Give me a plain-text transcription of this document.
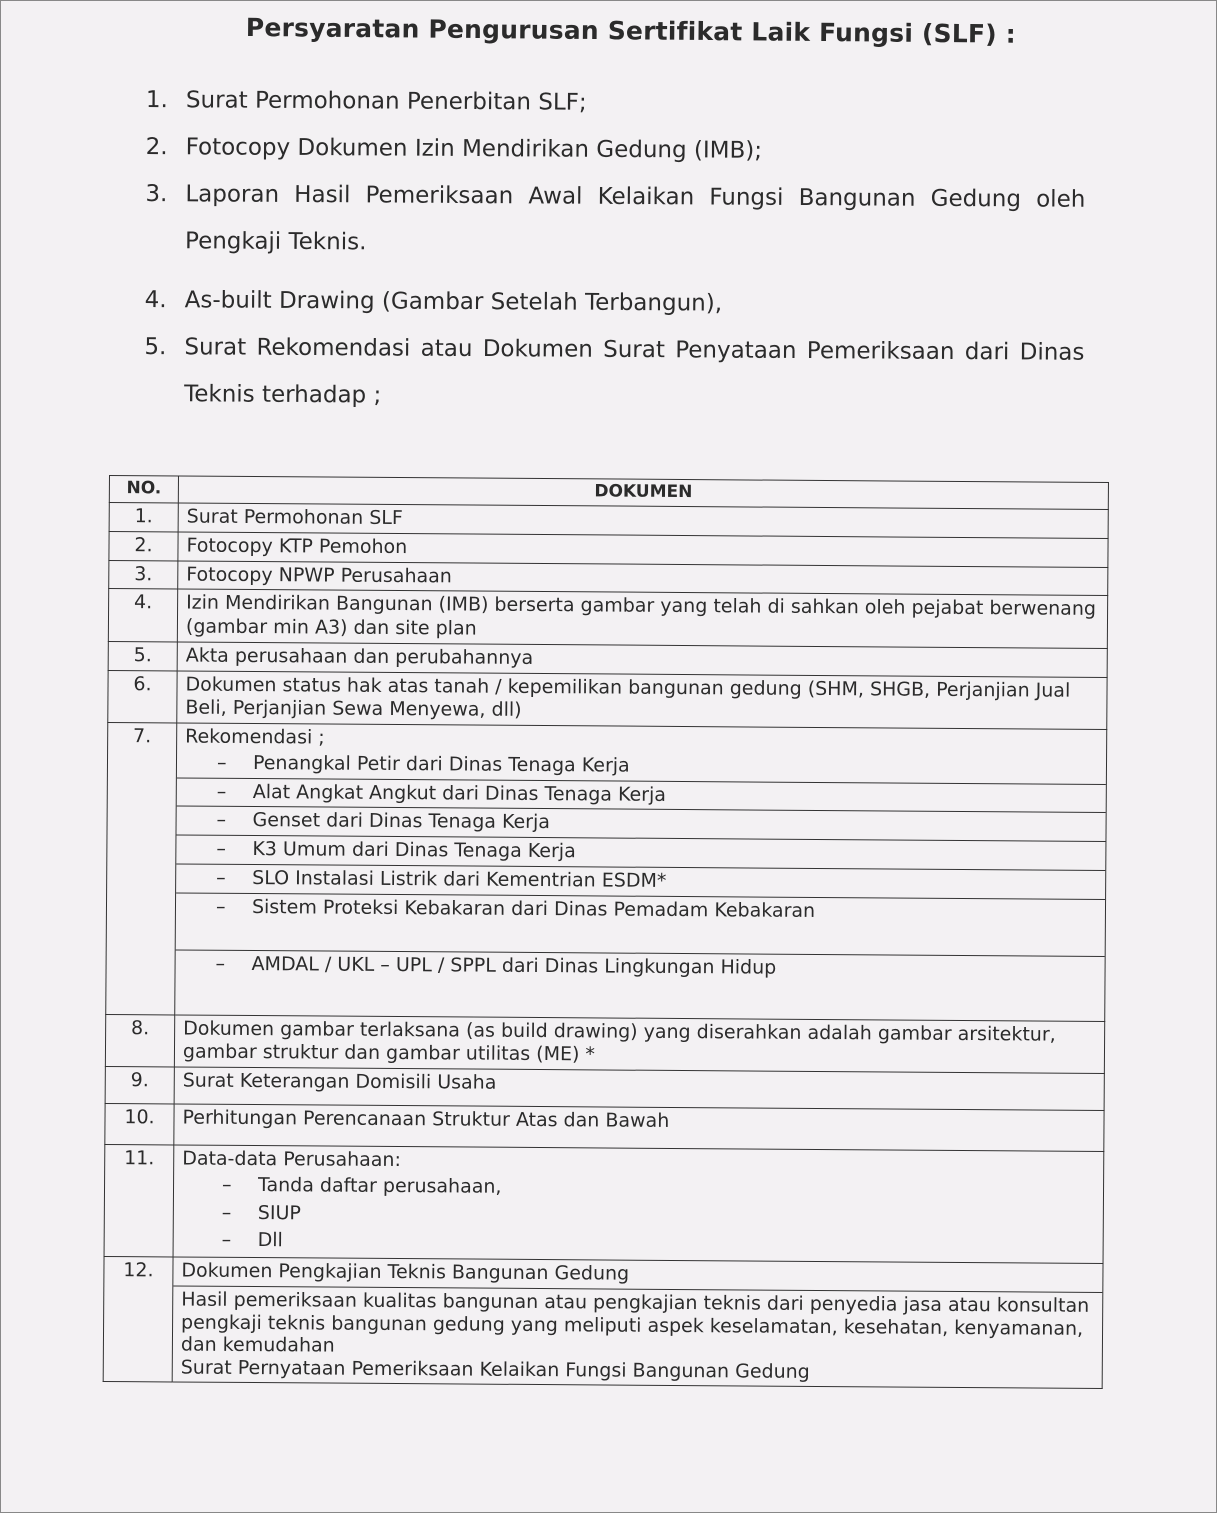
Persyaratan Pengurusan Sertifikat Laik Fungsi (SLF) :
1. Surat Permohonan Penerbitan SLF;
2. Fotocopy Dokumen Izin Mendirikan Gedung (IMB);
3. Laporan Hasil Pemeriksaan Awal Kelaikan Fungsi Bangunan Gedung oleh Pengkaji Teknis.
4. As-built Drawing (Gambar Setelah Terbangun),
5. Surat Rekomendasi atau Dokumen Surat Penyataan Pemeriksaan dari Dinas Teknis terhadap ;
NO.	DOKUMEN
1.	Surat Permohonan SLF
2.	Fotocopy KTP Pemohon
3.	Fotocopy NPWP Perusahaan
4.	Izin Mendirikan Bangunan (IMB) berserta gambar yang telah di sahkan oleh pejabat berwenang (gambar min A3) dan site plan
5.	Akta perusahaan dan perubahannya
6.	Dokumen status hak atas tanah / kepemilikan bangunan gedung (SHM, SHGB, Perjanjian Jual Beli, Perjanjian Sewa Menyewa, dll)
7.	Rekomendasi ;
– Penangkal Petir dari Dinas Tenaga Kerja
– Alat Angkat Angkut dari Dinas Tenaga Kerja
– Genset dari Dinas Tenaga Kerja
– K3 Umum dari Dinas Tenaga Kerja
– SLO Instalasi Listrik dari Kementrian ESDM*
– Sistem Proteksi Kebakaran dari Dinas Pemadam Kebakaran
– AMDAL / UKL – UPL / SPPL dari Dinas Lingkungan Hidup

8.	Dokumen gambar terlaksana (as build drawing) yang diserahkan adalah gambar arsitektur, gambar struktur dan gambar utilitas (ME) *
9.	Surat Keterangan Domisili Usaha
10.	Perhitungan Perencanaan Struktur Atas dan Bawah
11.	Data-data Perusahaan:
– Tanda daftar perusahaan,
– SIUP
– Dll

12.	Dokumen Pengkajian Teknis Bangunan Gedung
Hasil pemeriksaan kualitas bangunan atau pengkajian teknis dari penyedia jasa atau konsultan pengkaji teknis bangunan gedung yang meliputi aspek keselamatan, kesehatan, kenyamanan, dan kemudahan
Surat Pernyataan Pemeriksaan Kelaikan Fungsi Bangunan Gedung
